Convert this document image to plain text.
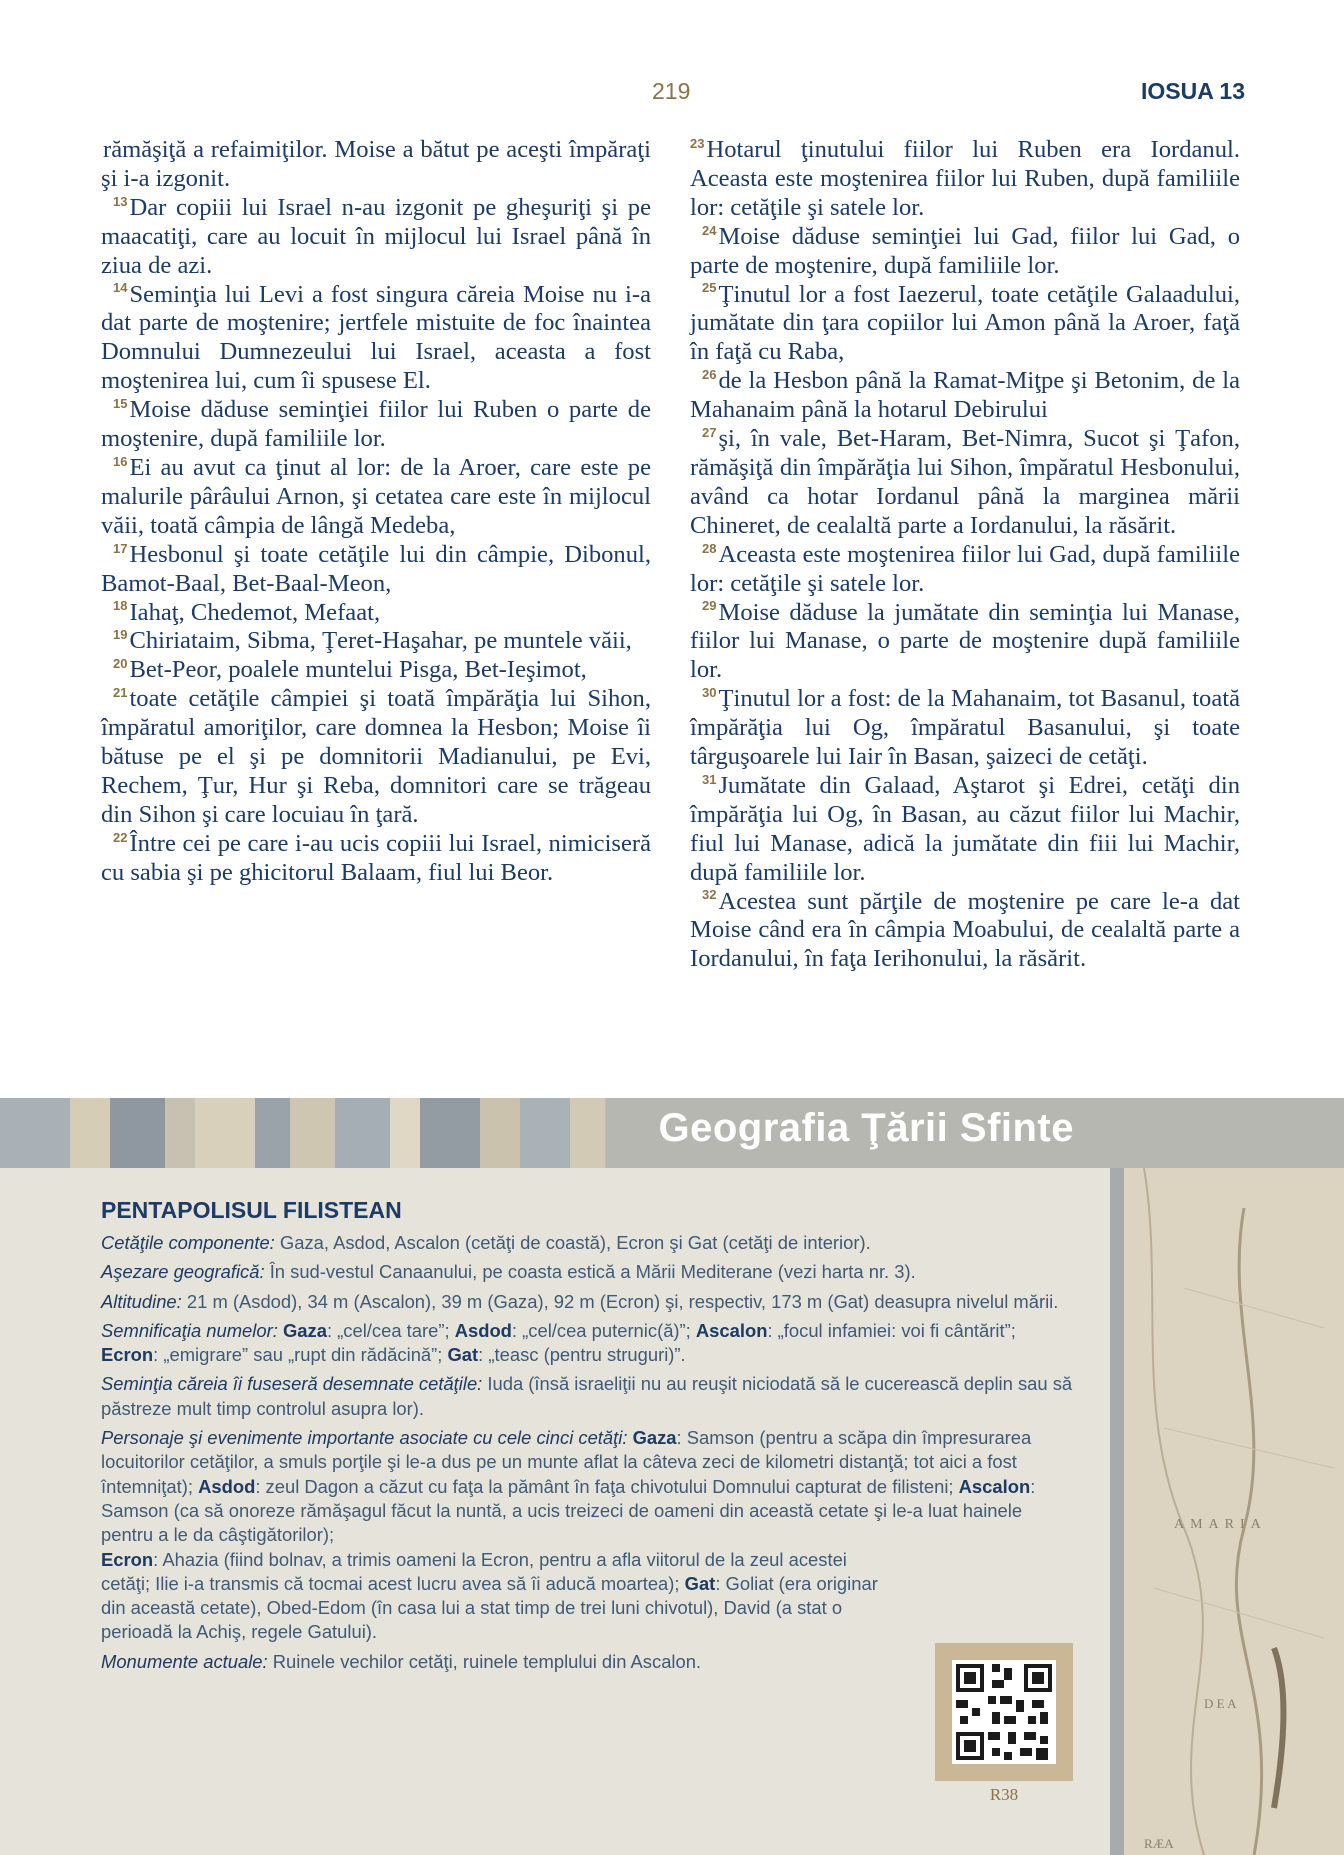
219	IOSUA 13
rămăşiţă a refaimiţilor. Moise a bătut pe aceşti împăraţi şi i-a izgonit.
$^{13}$Dar copiii lui Israel n-au izgonit pe gheşuriţi şi pe maacatiţi, care au locuit în mijlocul lui Israel până în ziua de azi.
$^{14}$Seminţia lui Levi a fost singura căreia Moise nu i-a dat parte de moştenire; jertfele mistuite de foc înaintea Domnului Dumnezeului lui Israel, aceasta a fost moştenirea lui, cum îi spusese El.
$^{15}$Moise dăduse seminţiei fiilor lui Ruben o parte de moştenire, după familiile lor.
$^{16}$Ei au avut ca ţinut al lor: de la Aroer, care este pe malurile pârâului Arnon, şi cetatea care este în mijlocul văii, toată câmpia de lângă Medeba,
$^{17}$Hesbonul şi toate cetăţile lui din câmpie, Dibonul, Bamot-Baal, Bet-Baal-Meon,
$^{18}$Iahaţ, Chedemot, Mefaat,
$^{19}$Chiriataim, Sibma, Ţeret-Haşahar, pe muntele văii,
$^{20}$Bet-Peor, poalele muntelui Pisga, Bet-Ieşimot,
$^{21}$toate cetăţile câmpiei şi toată împărăţia lui Sihon, împăratul amoriţilor, care domnea la Hesbon; Moise îi bătuse pe el şi pe domnitorii Madianului, pe Evi, Rechem, Ţur, Hur şi Reba, domnitori care se trăgeau din Sihon şi care locuiau în ţară.
$^{22}$Între cei pe care i-au ucis copiii lui Israel, nimiciseră cu sabia şi pe ghicitorul Balaam, fiul lui Beor.
$^{23}$Hotarul ţinutului fiilor lui Ruben era Iordanul. Aceasta este moştenirea fiilor lui Ruben, după familiile lor: cetăţile şi satele lor.
$^{24}$Moise dăduse seminţiei lui Gad, fiilor lui Gad, o parte de moştenire, după familiile lor.
$^{25}$Ţinutul lor a fost Iaezerul, toate cetăţile Galaadului, jumătate din ţara copiilor lui Amon până la Aroer, faţă în faţă cu Raba,
$^{26}$de la Hesbon până la Ramat-Miţpe şi Betonim, de la Mahanaim până la hotarul Debirului
$^{27}$şi, în vale, Bet-Haram, Bet-Nimra, Sucot şi Ţafon, rămăşiţă din împărăţia lui Sihon, împăratul Hesbonului, având ca hotar Iordanul până la marginea mării Chineret, de cealaltă parte a Iordanului, la răsărit.
$^{28}$Aceasta este moştenirea fiilor lui Gad, după familiile lor: cetăţile şi satele lor.
$^{29}$Moise dăduse la jumătate din seminţia lui Manase, fiilor lui Manase, o parte de moştenire după familiile lor.
$^{30}$Ţinutul lor a fost: de la Mahanaim, tot Basanul, toată împărăţia lui Og, împăratul Basanului, şi toate târguşoarele lui Iair în Basan, şaizeci de cetăţi.
$^{31}$Jumătate din Galaad, Aştarot şi Edrei, cetăţi din împărăţia lui Og, în Basan, au căzut fiilor lui Machir, fiul lui Manase, adică la jumătate din fiii lui Machir, după familiile lor.
$^{32}$Acestea sunt părţile de moştenire pe care le-a dat Moise când era în câmpia Moabului, de cealaltă parte a Iordanului, în faţa Ierihonului, la răsărit.
Geografia Ţării Sfinte
AMARIA
D E A
RÆA
PENTAPOLISUL FILISTEAN

Cetăţile componente: Gaza, Asdod, Ascalon (cetăţi de coastă), Ecron şi Gat (cetăţi de interior).

Aşezare geografică: În sud-vestul Canaanului, pe coasta estică a Mării Mediterane (vezi harta nr. 3).

Altitudine: 21 m (Asdod), 34 m (Ascalon), 39 m (Gaza), 92 m (Ecron) şi, respectiv, 173 m (Gat) deasupra nivelul mării.

Semnificaţia numelor: Gaza: „cel/cea tare”; Asdod: „cel/cea puternic(ă)”; Ascalon: „focul infamiei: voi fi cântărit”; Ecron: „emigrare” sau „rupt din rădăcină”; Gat: „teasc (pentru struguri)”.

Seminţia căreia îi fuseseră desemnate cetăţile: Iuda (însă israeliţii nu au reuşit niciodată să le cucerească deplin sau să păstreze mult timp controlul asupra lor).

Personaje şi evenimente importante asociate cu cele cinci cetăţi: Gaza: Samson (pentru a scăpa din împresurarea locuitorilor cetăţilor, a smuls porţile şi le-a dus pe un munte aflat la câteva zeci de kilometri distanţă; tot aici a fost întemniţat); Asdod: zeul Dagon a căzut cu faţa la pământ în faţa chivotului Domnului capturat de filisteni; Ascalon: Samson (ca să onoreze rămăşagul făcut la nuntă, a ucis treizeci de oameni din această cetate şi le-a luat hainele pentru a le da câştigătorilor);
Ecron: Ahazia (fiind bolnav, a trimis oameni la Ecron, pentru a afla viitorul de la zeul acestei cetăţi; Ilie i-a transmis că tocmai acest lucru avea să îi aducă moartea); Gat: Goliat (era originar din această cetate), Obed-Edom (în casa lui a stat timp de trei luni chivotul), David (a stat o perioadă la Achiş, regele Gatului).

Monumente actuale: Ruinele vechilor cetăţi, ruinele templului din Ascalon.

R38
